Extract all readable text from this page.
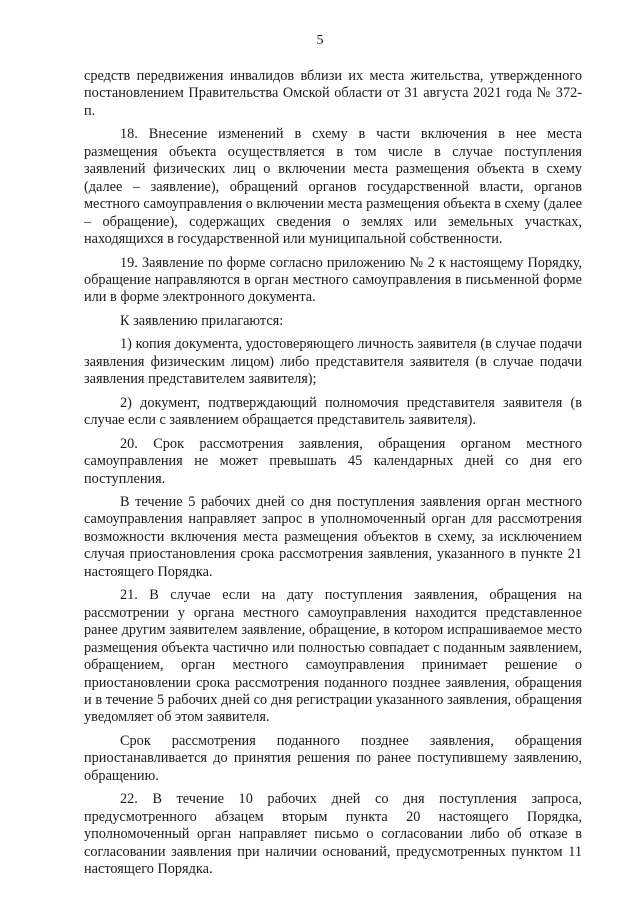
5

средств передвижения инвалидов вблизи их места жительства, утвержденного постановлением Правительства Омской области от 31 августа 2021 года № 372-п.

18. Внесение изменений в схему в части включения в нее места размещения объекта осуществляется в том числе в случае поступления заявлений физических лиц о включении места размещения объекта в схему (далее – заявление), обращений органов государственной власти, органов местного самоуправления о включении места размещения объекта в схему (далее – обращение), содержащих сведения о землях или земельных участках, находящихся в государственной или муниципальной собственности.

19. Заявление по форме согласно приложению № 2 к настоящему Порядку, обращение направляются в орган местного самоуправления в письменной форме или в форме электронного документа.

К заявлению прилагаются:

1) копия документа, удостоверяющего личность заявителя (в случае подачи заявления физическим лицом) либо представителя заявителя (в случае подачи заявления представителем заявителя);

2) документ, подтверждающий полномочия представителя заявителя (в случае если с заявлением обращается представитель заявителя).

20. Срок рассмотрения заявления, обращения органом местного самоуправления не может превышать 45 календарных дней со дня его поступления.

В течение 5 рабочих дней со дня поступления заявления орган местного самоуправления направляет запрос в уполномоченный орган для рассмотрения возможности включения места размещения объектов в схему, за исключением случая приостановления срока рассмотрения заявления, указанного в пункте 21 настоящего Порядка.

21. В случае если на дату поступления заявления, обращения на рассмотрении у органа местного самоуправления находится представленное ранее другим заявителем заявление, обращение, в котором испрашиваемое место размещения объекта частично или полностью совпадает с поданным заявлением, обращением, орган местного самоуправления принимает решение о приостановлении срока рассмотрения поданного позднее заявления, обращения и в течение 5 рабочих дней со дня регистрации указанного заявления, обращения уведомляет об этом заявителя.

Срок рассмотрения поданного позднее заявления, обращения приостанавливается до принятия решения по ранее поступившему заявлению, обращению.

22. В течение 10 рабочих дней со дня поступления запроса, предусмотренного абзацем вторым пункта 20 настоящего Порядка, уполномоченный орган направляет письмо о согласовании либо об отказе в согласовании заявления при наличии оснований, предусмотренных пунктом 11 настоящего Порядка.
